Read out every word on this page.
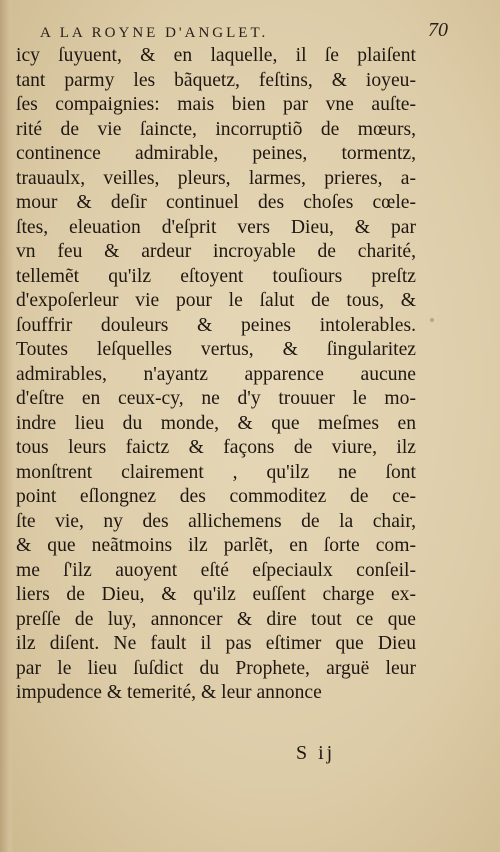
A LA ROYNE D'ANGLET.	70
icy ſuyuent, & en laquelle, il ſe plaiſent
tant parmy les bãquetz, feſtins, & ioyeu-
ſes compaignies: mais bien par vne auſte-
rité de vie ſaincte, incorruptiõ de mœurs,
continence admirable, peines, tormentz,
trauaulx, veilles, pleurs, larmes, prieres, a-
mour & deſir continuel des choſes cœle-
ſtes, eleuation d'eſprit vers Dieu, & par
vn feu & ardeur incroyable de charité,
tellemẽt qu'ilz eſtoyent touſiours preſtz
d'expoſerleur vie pour le ſalut de tous, &
ſouffrir douleurs & peines intolerables.
Toutes leſquelles vertus, & ſingularitez
admirables, n'ayantz apparence aucune
d'eſtre en ceux-cy, ne d'y trouuer le mo-
indre lieu du monde, & que meſmes en
tous leurs faictz & façons de viure, ilz
monſtrent clairement , qu'ilz ne ſont
point eſlongnez des commoditez de ce-
ſte vie, ny des allichemens de la chair,
& que neãtmoins ilz parlẽt, en ſorte com-
me ſ'ilz auoyent eſté eſpeciaulx conſeil-
liers de Dieu, & qu'ilz euſſent charge ex-
preſſe de luy, annoncer & dire tout ce que
ilz diſent. Ne fault il pas eſtimer que Dieu
par le lieu ſuſdict du Prophete, arguë leur
impudence & temerité, & leur annonce
S ij
